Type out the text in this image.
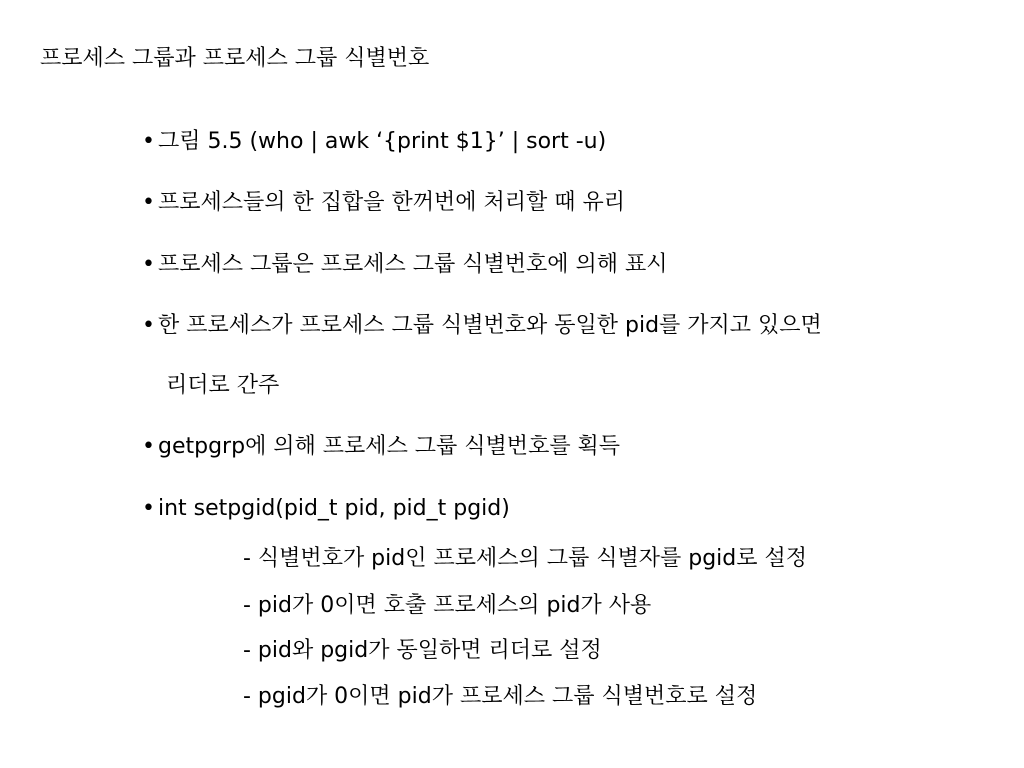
프로세스 그룹과 프로세스 그룹 식별번호
• 그림 5.5 (who | awk ‘{print $1}’ | sort -u)
• 프로세스들의 한 집합을 한꺼번에 처리할 때 유리
• 프로세스 그룹은 프로세스 그룹 식별번호에 의해 표시
• 한 프로세스가 프로세스 그룹 식별번호와 동일한 pid를 가지고 있으면
리더로 간주
• getpgrp에 의해 프로세스 그룹 식별번호를 획득
• int setpgid(pid_t pid, pid_t pgid)
- 식별번호가 pid인 프로세스의 그룹 식별자를 pgid로 설정
- pid가 0이면 호출 프로세스의 pid가 사용
- pid와 pgid가 동일하면 리더로 설정
- pgid가 0이면 pid가 프로세스 그룹 식별번호로 설정
